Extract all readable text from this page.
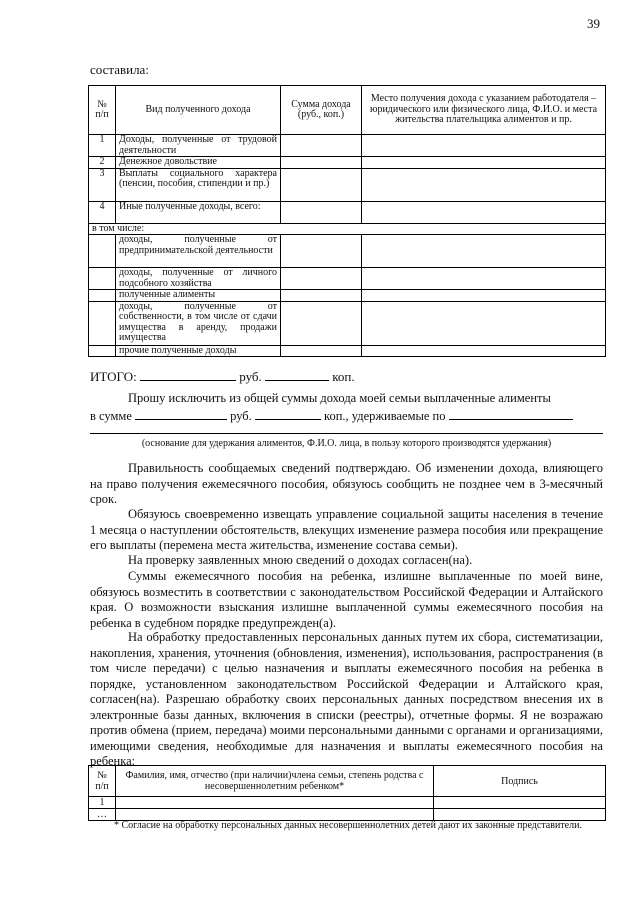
39
составила:
№ п/п	Вид полученного дохода	Сумма дохода (руб., коп.)	Место получения дохода с указанием работодателя – юридического или физического лица, Ф.И.О. и места жительства плательщика алиментов и пр.
1	Доходы, полученные от трудовой деятельности		
2	Денежное довольствие		
3	Выплаты социального характера (пенсии, пособия, стипендии и пр.)		
4	Иные полученные доходы, всего:		
в том числе:			
	доходы, полученные от предпринимательской деятельности		
	доходы, полученные от личного подсобного хозяйства		
	полученные алименты		
	доходы, полученные от собственности, в том числе от сдачи имущества в аренду, продажи имущества		
	прочие полученные доходы		
ИТОГО:	руб.	коп.
Прошу исключить из общей суммы дохода моей семьи выплаченные алименты
в сумме	руб.	коп., удерживаемые по
(основание для удержания алиментов, Ф.И.О. лица, в пользу которого производятся удержания)
Правильность сообщаемых сведений подтверждаю. Об изменении дохода, влияющего на право получения ежемесячного пособия, обязуюсь сообщить не позднее чем в 3-месячный срок.
Обязуюсь своевременно извещать управление социальной защиты населения в течение 1 месяца о наступлении обстоятельств, влекущих изменение размера пособия или прекращение его выплаты (перемена места жительства, изменение состава семьи).
На проверку заявленных мною сведений о доходах согласен(на).
Суммы ежемесячного пособия на ребенка, излишне выплаченные по моей вине, обязуюсь возместить в соответствии с законодательством Российской Федерации и Алтайского края. О возможности взыскания излишне выплаченной суммы ежемесячного пособия на ребенка в судебном порядке предупрежден(а).
На обработку предоставленных персональных данных путем их сбора, систематизации, накопления, хранения, уточнения (обновления, изменения), использования, распространения (в том числе передачи) с целью назначения и выплаты ежемесячного пособия на ребенка в порядке, установленном законодательством Российской Федерации и Алтайского края, согласен(на). Разрешаю обработку своих персональных данных посредством внесения их в электронные базы данных, включения в списки (реестры), отчетные формы. Я не возражаю против обмена (прием, передача) моими персональными данными с органами и организациями, имеющими сведения, необходимые для назначения и выплаты ежемесячного пособия на ребенка:
№ п/п	Фамилия, имя, отчество (при наличии)члена семьи, степень родства с несовершеннолетним ребенком*	Подпись
1		
…		
* Согласие на обработку персональных данных несовершеннолетних детей дают их законные представители.
